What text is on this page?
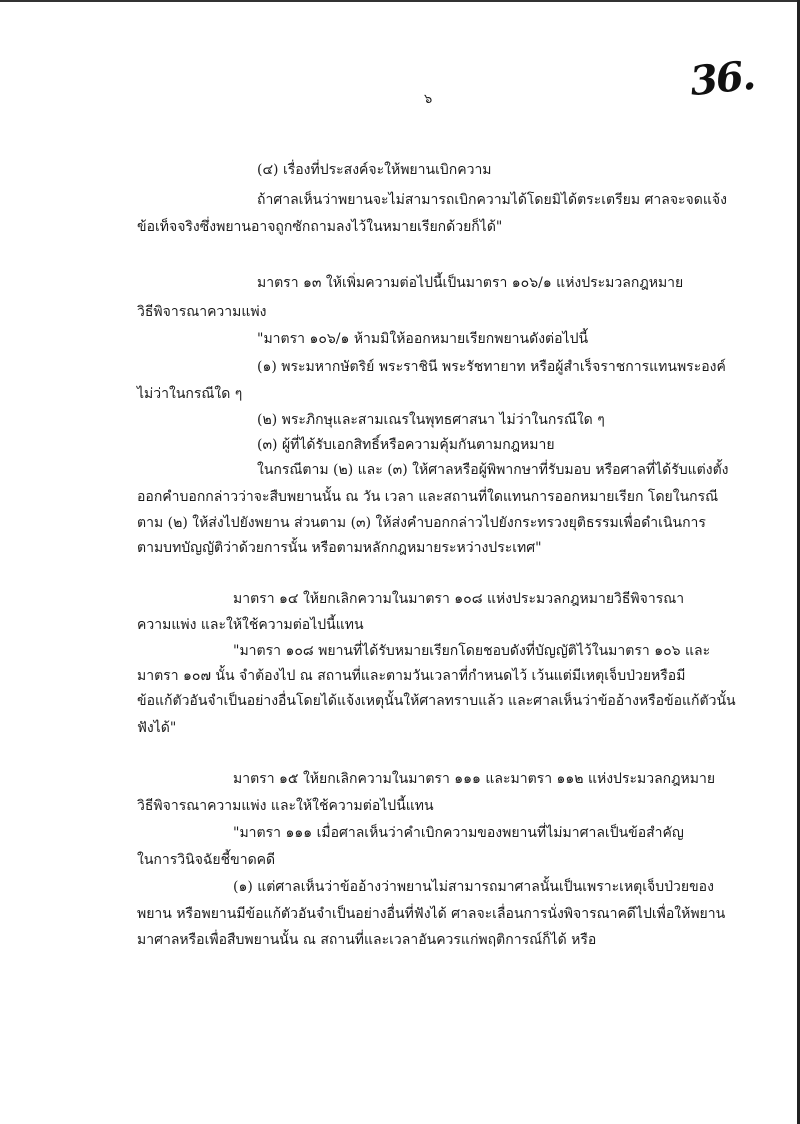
๖	36.
(๔) เรื่องที่ประสงค์จะให้พยานเบิกความ
ถ้าศาลเห็นว่าพยานจะไม่สามารถเบิกความได้โดยมิได้ตระเตรียม ศาลจะจดแจ้ง
ข้อเท็จจริงซึ่งพยานอาจถูกซักถามลงไว้ในหมายเรียกด้วยก็ได้"
มาตรา ๑๓ ให้เพิ่มความต่อไปนี้เป็นมาตรา ๑๐๖/๑ แห่งประมวลกฎหมาย
วิธีพิจารณาความแพ่ง
"มาตรา ๑๐๖/๑ ห้ามมิให้ออกหมายเรียกพยานดังต่อไปนี้
(๑) พระมหากษัตริย์ พระราชินี พระรัชทายาท หรือผู้สำเร็จราชการแทนพระองค์
ไม่ว่าในกรณีใด ๆ
(๒) พระภิกษุและสามเณรในพุทธศาสนา ไม่ว่าในกรณีใด ๆ
(๓) ผู้ที่ได้รับเอกสิทธิ์หรือความคุ้มกันตามกฎหมาย
ในกรณีตาม (๒) และ (๓) ให้ศาลหรือผู้พิพากษาที่รับมอบ หรือศาลที่ได้รับแต่งตั้ง
ออกคำบอกกล่าวว่าจะสืบพยานนั้น ณ วัน เวลา และสถานที่ใดแทนการออกหมายเรียก โดยในกรณี
ตาม (๒) ให้ส่งไปยังพยาน ส่วนตาม (๓) ให้ส่งคำบอกกล่าวไปยังกระทรวงยุติธรรมเพื่อดำเนินการ
ตามบทบัญญัติว่าด้วยการนั้น หรือตามหลักกฎหมายระหว่างประเทศ"
มาตรา ๑๔ ให้ยกเลิกความในมาตรา ๑๐๘ แห่งประมวลกฎหมายวิธีพิจารณา
ความแพ่ง และให้ใช้ความต่อไปนี้แทน
"มาตรา ๑๐๘ พยานที่ได้รับหมายเรียกโดยชอบดังที่บัญญัติไว้ในมาตรา ๑๐๖ และ
มาตรา ๑๐๗ นั้น จำต้องไป ณ สถานที่และตามวันเวลาที่กำหนดไว้ เว้นแต่มีเหตุเจ็บป่วยหรือมี
ข้อแก้ตัวอันจำเป็นอย่างอื่นโดยได้แจ้งเหตุนั้นให้ศาลทราบแล้ว และศาลเห็นว่าข้ออ้างหรือข้อแก้ตัวนั้น
ฟังได้"
มาตรา ๑๕ ให้ยกเลิกความในมาตรา ๑๑๑ และมาตรา ๑๑๒ แห่งประมวลกฎหมาย
วิธีพิจารณาความแพ่ง และให้ใช้ความต่อไปนี้แทน
"มาตรา ๑๑๑ เมื่อศาลเห็นว่าคำเบิกความของพยานที่ไม่มาศาลเป็นข้อสำคัญ
ในการวินิจฉัยชี้ขาดคดี
(๑) แต่ศาลเห็นว่าข้ออ้างว่าพยานไม่สามารถมาศาลนั้นเป็นเพราะเหตุเจ็บป่วยของ
พยาน หรือพยานมีข้อแก้ตัวอันจำเป็นอย่างอื่นที่ฟังได้ ศาลจะเลื่อนการนั่งพิจารณาคดีไปเพื่อให้พยาน
มาศาลหรือเพื่อสืบพยานนั้น ณ สถานที่และเวลาอันควรแก่พฤติการณ์ก็ได้ หรือ
